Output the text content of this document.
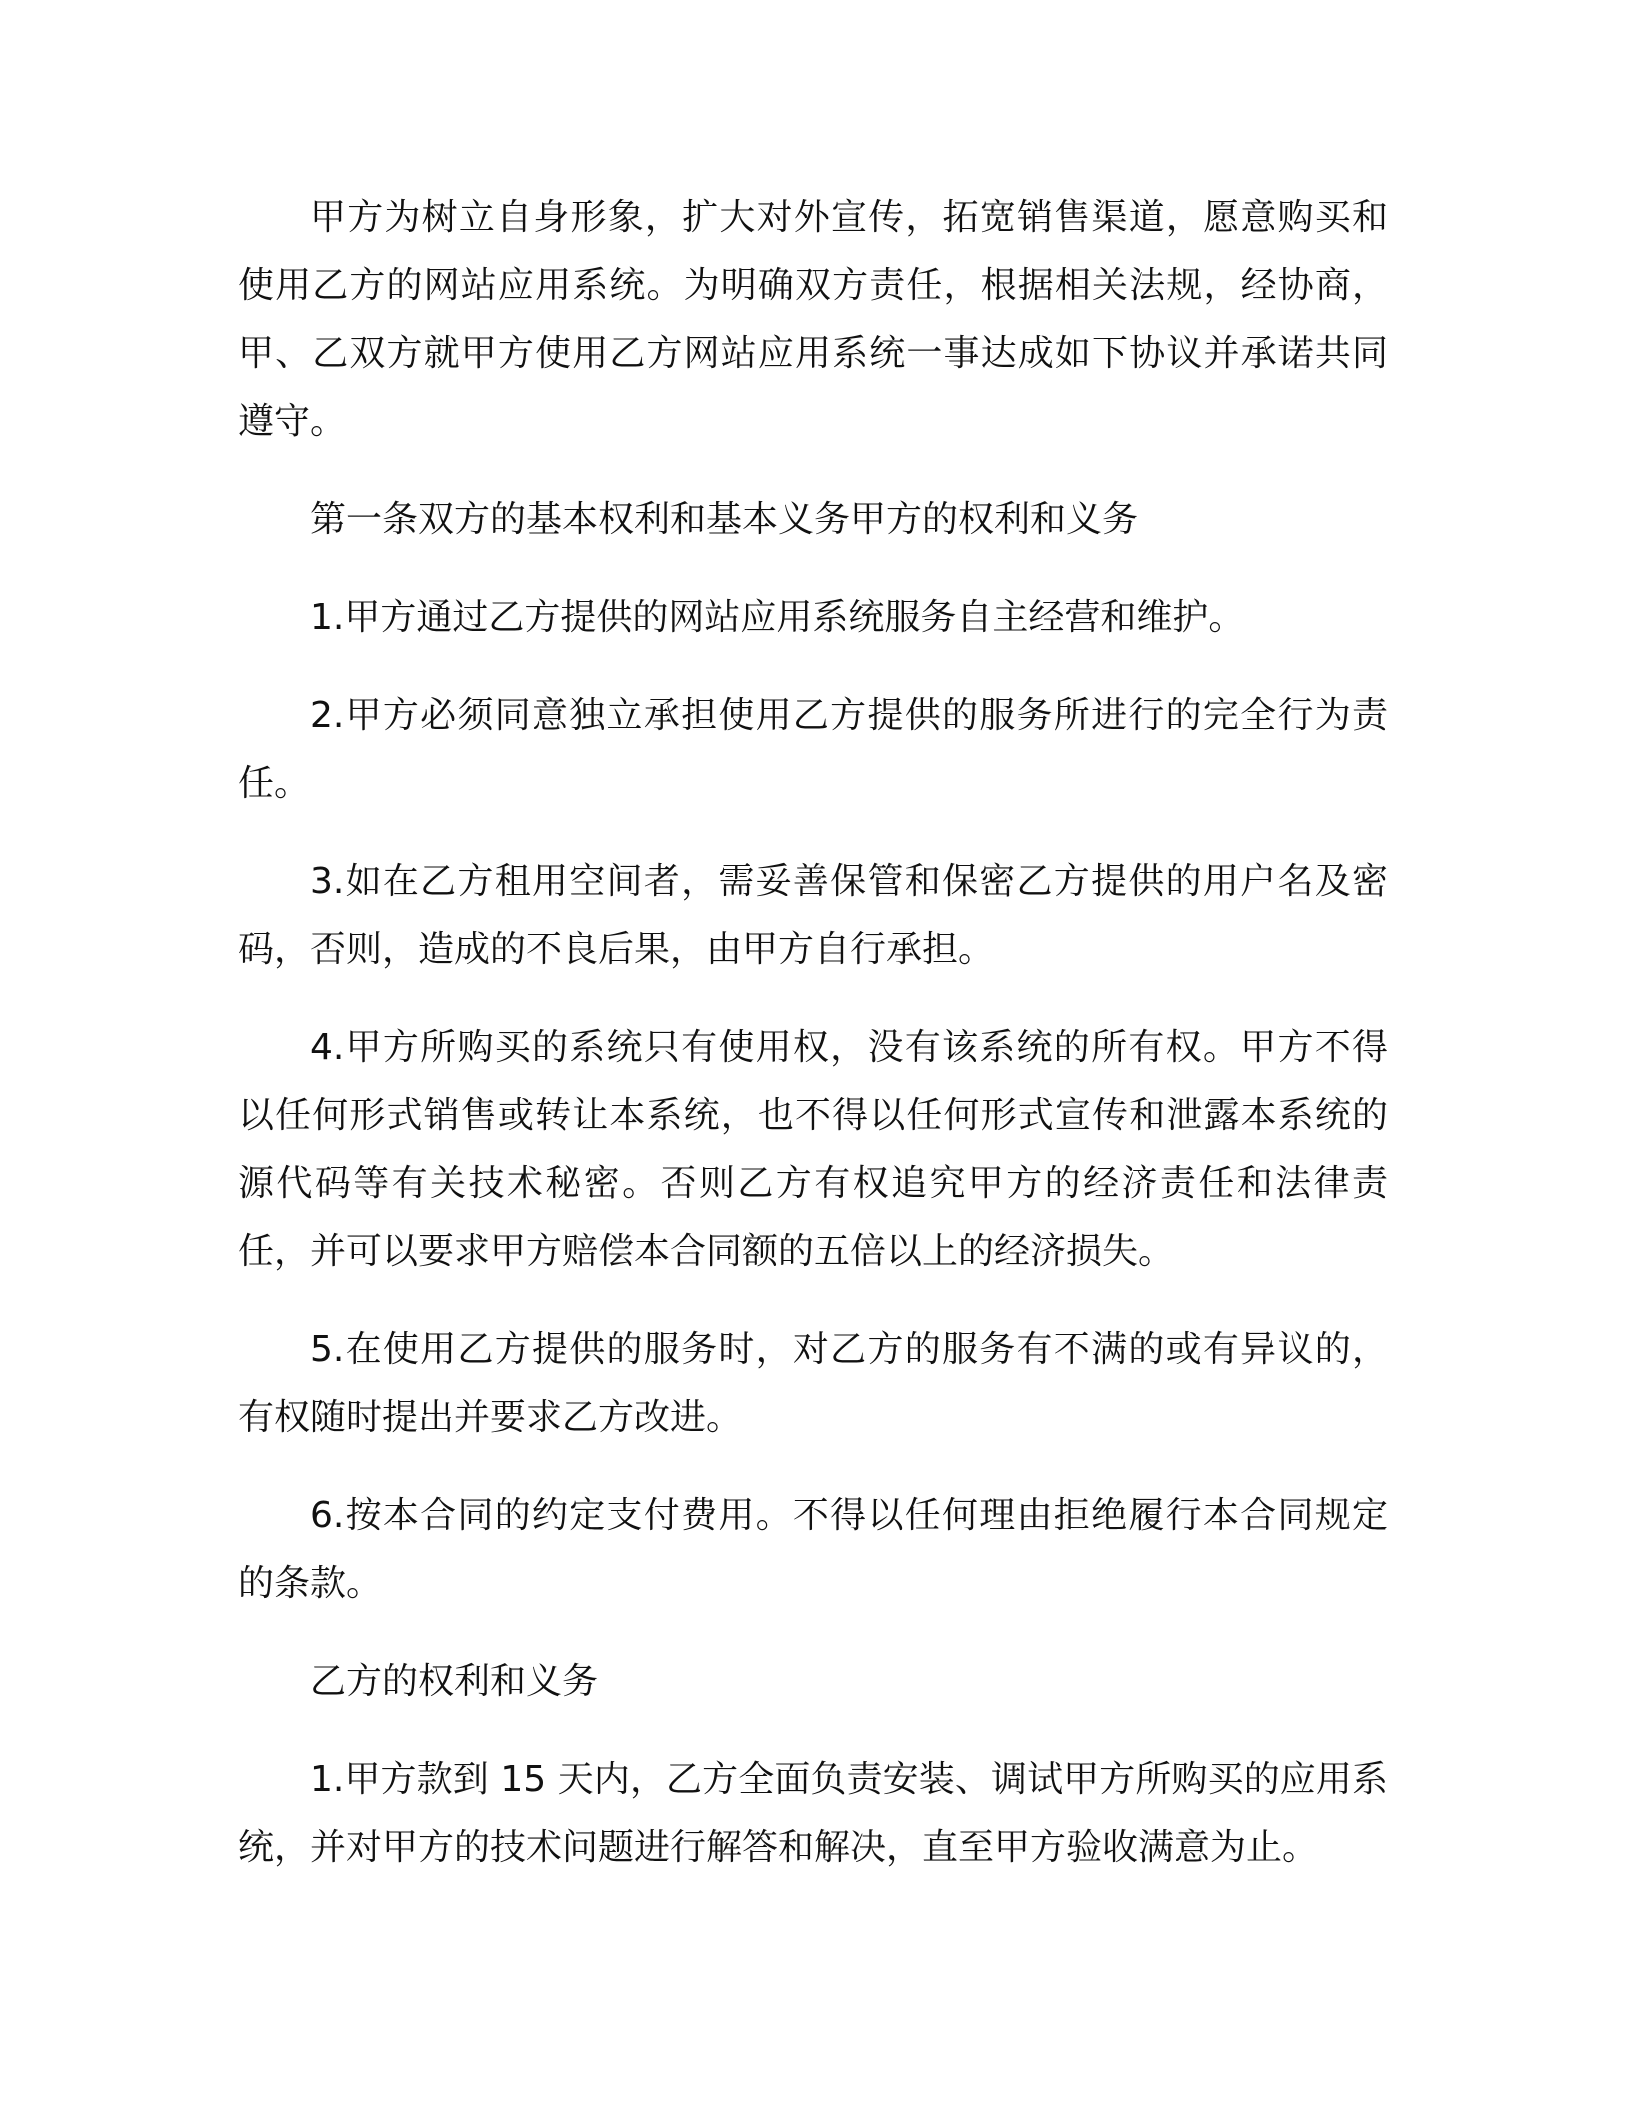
甲方为树立自身形象，扩大对外宣传，拓宽销售渠道，愿意购买和使用乙方的网站应用系统。为明确双方责任，根据相关法规，经协商，甲、乙双方就甲方使用乙方网站应用系统一事达成如下协议并承诺共同遵守。

第一条双方的基本权利和基本义务甲方的权利和义务

1.甲方通过乙方提供的网站应用系统服务自主经营和维护。

2.甲方必须同意独立承担使用乙方提供的服务所进行的完全行为责任。

3.如在乙方租用空间者，需妥善保管和保密乙方提供的用户名及密码，否则，造成的不良后果，由甲方自行承担。

4.甲方所购买的系统只有使用权，没有该系统的所有权。甲方不得以任何形式销售或转让本系统，也不得以任何形式宣传和泄露本系统的源代码等有关技术秘密。否则乙方有权追究甲方的经济责任和法律责任，并可以要求甲方赔偿本合同额的五倍以上的经济损失。

5.在使用乙方提供的服务时，对乙方的服务有不满的或有异议的，有权随时提出并要求乙方改进。

6.按本合同的约定支付费用。不得以任何理由拒绝履行本合同规定的条款。

乙方的权利和义务

1.甲方款到 15 天内，乙方全面负责安装、调试甲方所购买的应用系统，并对甲方的技术问题进行解答和解决，直至甲方验收满意为止。
